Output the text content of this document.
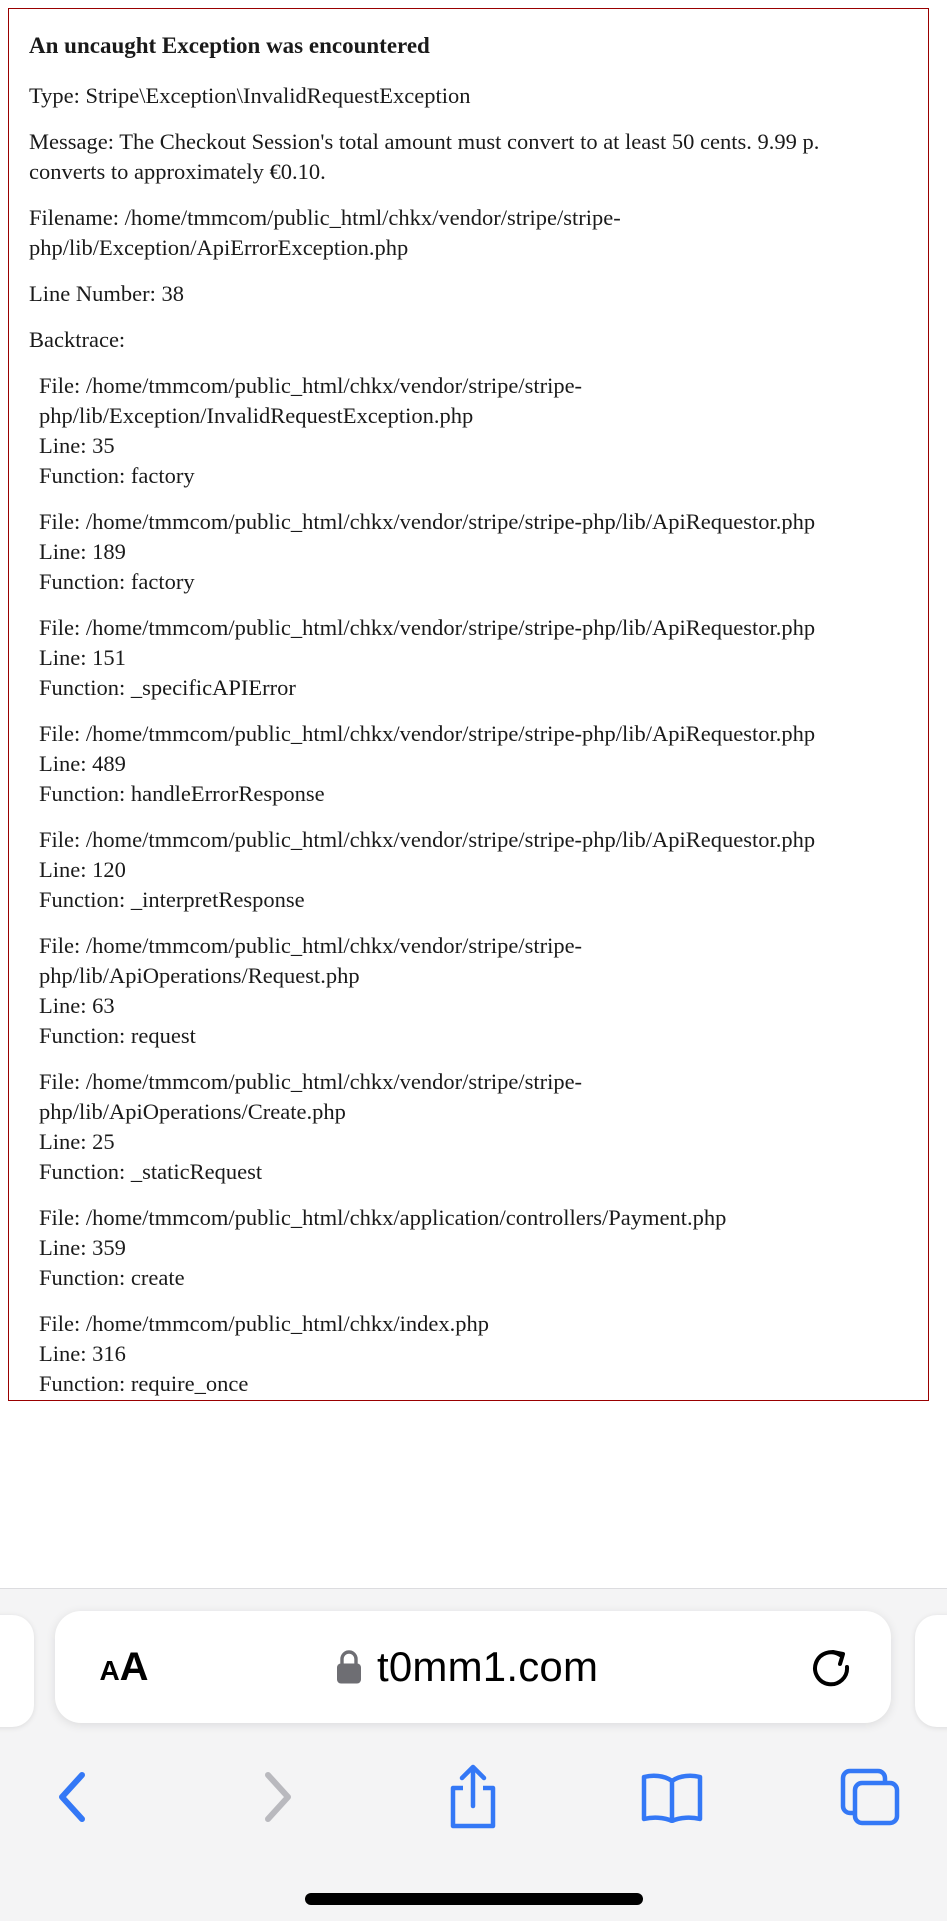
An uncaught Exception was encountered

Type: Stripe\Exception\InvalidRequestException

Message: The Checkout Session's total amount must convert to at least 50 cents. 9.99 p.
converts to approximately €0.10.

Filename: /home/tmmcom/public_html/chkx/vendor/stripe/stripe-
php/lib/Exception/ApiErrorException.php

Line Number: 38

Backtrace:

File: /home/tmmcom/public_html/chkx/vendor/stripe/stripe-
php/lib/Exception/InvalidRequestException.php
Line: 35
Function: factory
File: /home/tmmcom/public_html/chkx/vendor/stripe/stripe-php/lib/ApiRequestor.php
Line: 189
Function: factory
File: /home/tmmcom/public_html/chkx/vendor/stripe/stripe-php/lib/ApiRequestor.php
Line: 151
Function: _specificAPIError
File: /home/tmmcom/public_html/chkx/vendor/stripe/stripe-php/lib/ApiRequestor.php
Line: 489
Function: handleErrorResponse
File: /home/tmmcom/public_html/chkx/vendor/stripe/stripe-php/lib/ApiRequestor.php
Line: 120
Function: _interpretResponse
File: /home/tmmcom/public_html/chkx/vendor/stripe/stripe-
php/lib/ApiOperations/Request.php
Line: 63
Function: request
File: /home/tmmcom/public_html/chkx/vendor/stripe/stripe-
php/lib/ApiOperations/Create.php
Line: 25
Function: _staticRequest
File: /home/tmmcom/public_html/chkx/application/controllers/Payment.php
Line: 359
Function: create
File: /home/tmmcom/public_html/chkx/index.php
Line: 316
Function: require_once
A A	t0mm1.com
